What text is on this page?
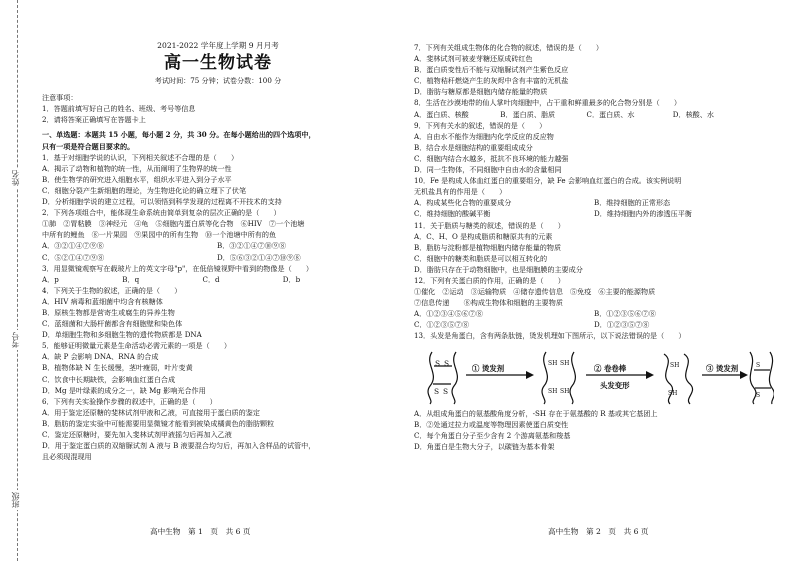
姓名
考号
班级

2021-2022 学年度上学期 9 月月考

高一生物试卷

考试时间：75 分钟；试卷分数：100 分

注意事项：

1．答题前填写好自己的姓名、班级、考号等信息

2．请将答案正确填写在答题卡上

一、单选题：本题共 15 小题，每小题 2 分，共 30 分。在每小题给出的四个选项中，

只有一项是符合题目要求的。

1．基于对细胞学说的认识，下列相关叙述不合理的是（　　）

A．揭示了动物和植物的统一性，从而阐明了生物界的统一性

B．使生物学的研究进入细胞水平，组织水平进入到分子水平

C．细胞分裂产生新细胞的理论，为生物进化论的确立埋下了伏笔

D．分析细胞学说的建立过程，可以领悟到科学发现的过程离不开技术的支持

2．下列各项组合中，能体现生命系统由简单到复杂的层次正确的是（　　）

①肺　②胃粘膜　③神经元　④龟　⑤细胞内蛋白质等化合物　⑥HIV　⑦一个池塘

中所有的鲤鱼　⑧一片果园　⑨果园中的所有生物　⑩一个池塘中所有的鱼

A．③②①④⑦⑨⑧	B．③②①④⑦⑩⑨⑧

C．⑤②①④⑦⑨⑧	D．⑤⑥③②①④⑦⑩⑨⑧

3．用显微镜观察写在载玻片上的英文字母"p"，在低倍镜视野中看到的物像是（　　）

A．p	B．q	C．d	D．b

4．下列关于生物的叙述，正确的是（　　）

A．HIV 病毒和蓝细菌中均含有核糖体

B．原核生物都是营寄生或腐生的异养生物

C．蓝细菌和大肠杆菌都含有细胞壁和染色体

D．单细胞生物和多细胞生物的遗传物质都是 DNA

5．能够证明微量元素是生命活动必需元素的一项是（　　）

A．缺 P 会影响 DNA、RNA 的合成

B．植物体缺 N 生长缓慢，茎叶瘦弱，叶片变黄

C．饮食中长期缺铁，会影响血红蛋白合成

D．Mg 是叶绿素的成分之一，缺 Mg 影响光合作用

6．下列有关实验操作步骤的叙述中，正确的是（　　）

A．用于鉴定还原糖的斐林试剂甲液和乙液，可直接用于蛋白质的鉴定

B．脂肪的鉴定实验中可能需要用显微镜才能看到被染成橘黄色的脂肪颗粒

C．鉴定还原糖时，要先加入斐林试剂甲液摇匀后再加入乙液

D．用于鉴定蛋白质的双缩脲试剂 A 液与 B 液要混合均匀后，再加入含样品的试管中，

且必须现混现用

7．下列有关组成生物体的化合物的叙述，错误的是（　　）

A．斐林试剂可被麦芽糖还原成砖红色

B．蛋白质变性后不能与双缩脲试剂产生紫色反应

C．植物秸秆燃烧产生的灰烬中含有丰富的无机盐

D．脂肪与糖原都是细胞内储存能量的物质

8．生活在沙漠地带的仙人掌叶肉细胞中，占干重和鲜重最多的化合物分别是（　　）

A．蛋白质、核酸	B．蛋白质、脂质	C．蛋白质、水	D．核酸、水

9．下列有关水的叙述，错误的是（　　）

A．自由水不能作为细胞内化学反应的反应物

B．结合水是细胞结构的重要组成成分

C．细胞内结合水越多，抵抗不良环境的能力越强

D．同一生物体，不同细胞中自由水的含量相同

10．Fe 是构成人体血红蛋白的重要组分，缺 Fe 会影响血红蛋白的合成。该实例说明

无机盐具有的作用是（　　）

A．构成某些化合物的重要成分	B．维持细胞的正常形态

C．维持细胞的酸碱平衡	D．维持细胞内外的渗透压平衡

11．关于脂质与糖类的叙述，错误的是（　　）

A．C、H、O 是构成脂质和糖原共有的元素

B．脂肪与淀粉都是植物细胞内储存能量的物质

C．细胞中的糖类和脂质是可以相互转化的

D．脂肪只存在于动物细胞中，也是细胞膜的主要成分

12．下列有关蛋白质的作用，正确的是（　　）

①催化　②运动　③运输物质　④储存遗传信息　⑤免疫　⑥主要的能源物质

⑦信息传递　　⑧构成生物体和细胞的主要物质

A．①②③④⑤⑥⑦⑧	B．①②③⑤⑥⑦⑧

C．①②③⑤⑦⑧	D．①②③⑤⑦⑧

13．头发是角蛋白，含有两条肽链，烫发机理如下图所示，以下说法错误的是（　　）

S S
S S
① 烫发剂
SH SH
SH SH
② 卷卷棒
头发变形
SH
SH
③ 烫发剂	S
S

A．从组成角蛋白的氨基酸角度分析，-SH 存在于氨基酸的 R 基或其它基团上

B．②处通过拉力或温度等物理因素使蛋白质变性

C．每个角蛋白分子至少含有 2 个游离氨基和羧基

D．角蛋白是生物大分子，以碳链为基本骨架

高中生物　第 1　页　共 6 页	高中生物　第 2　页　共 6 页
